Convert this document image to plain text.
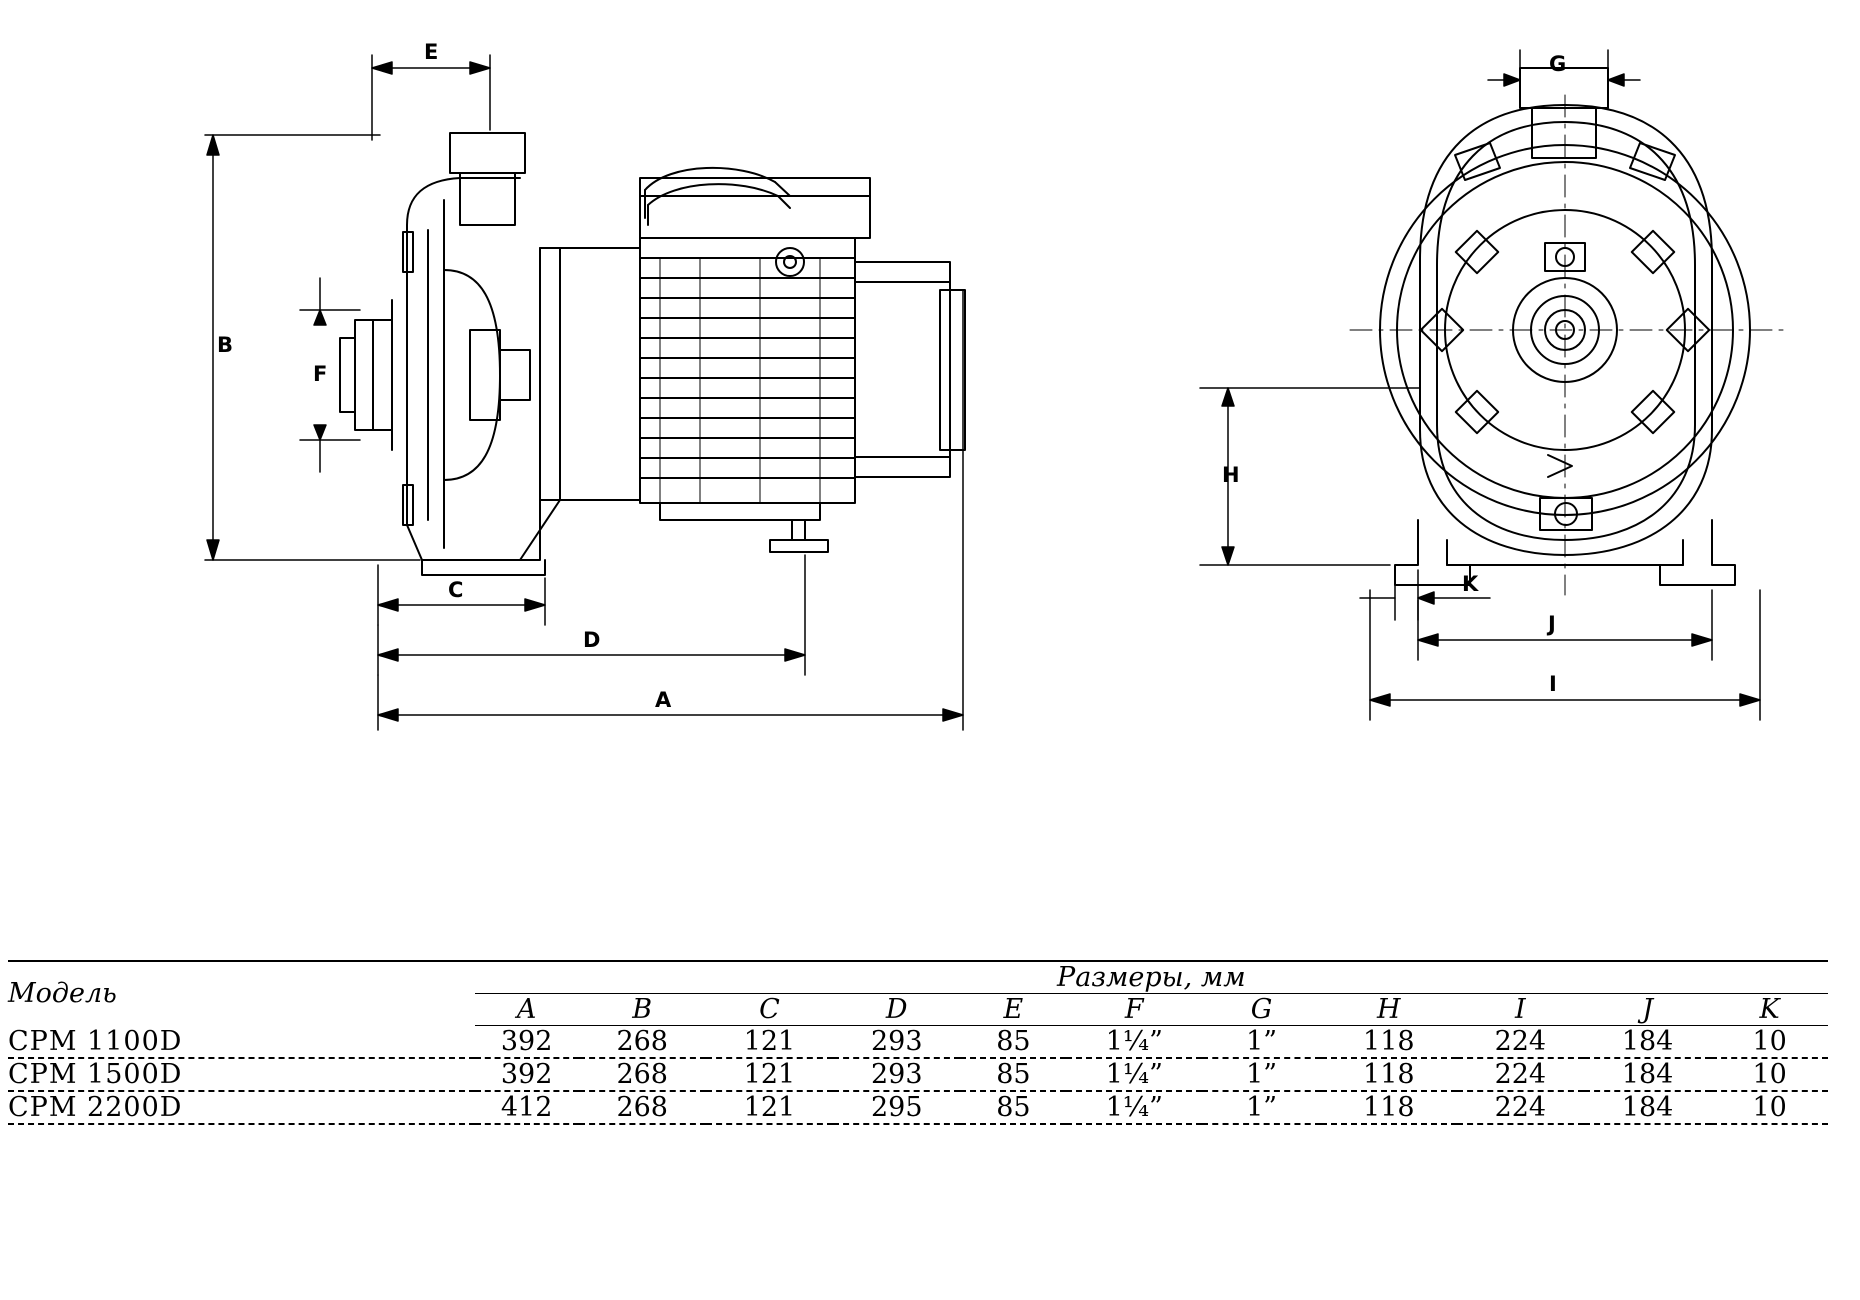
E
B
F
C
D
A
G
H
K
J
I
Модель	Размеры, мм										
	A	B	C	D	E	F	G	H	I	J	K
CPM 1100D	392	268	121	293	85	1¼”	1”	118	224	184	10
CPM 1500D	392	268	121	293	85	1¼”	1”	118	224	184	10
CPM 2200D	412	268	121	295	85	1¼”	1”	118	224	184	10
